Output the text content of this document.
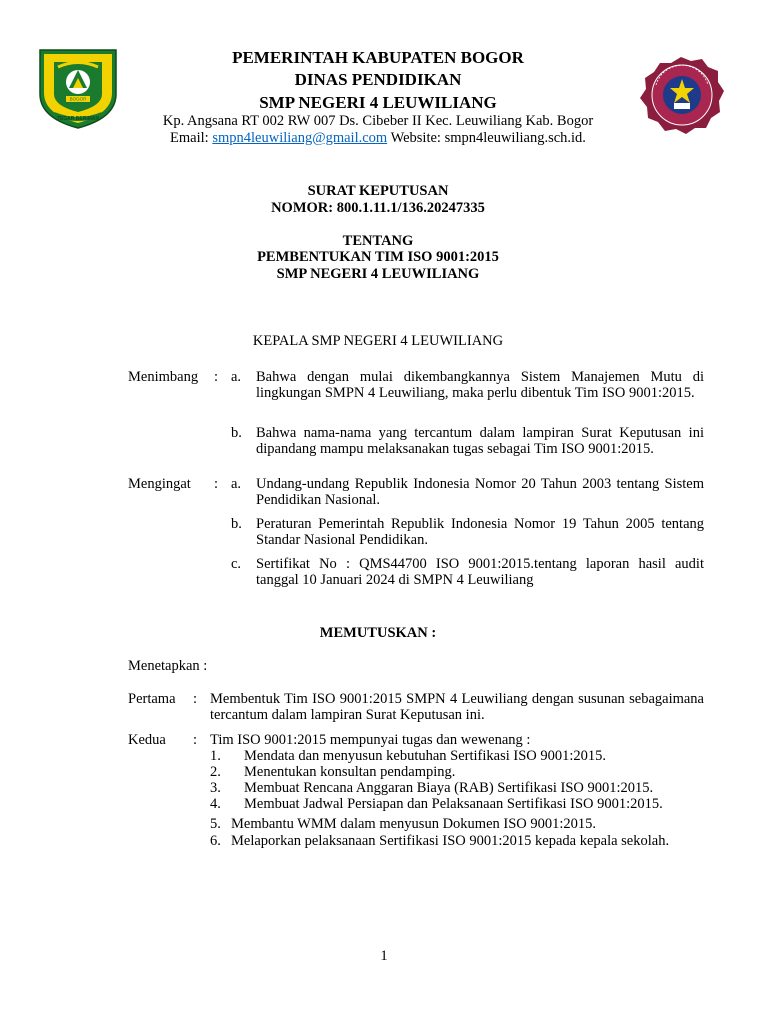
BOGOR
TEGAR BERIMAN
PEMERINTAH KABUPATEN BOGOR
DINAS PENDIDIKAN
SMP NEGERI 4 LEUWILIANG
Kp. Angsana RT 002 RW 007 Ds. Cibeber II Kec. Leuwiliang Kab. Bogor
Email: smpn4leuwiliang@gmail.com Website: smpn4leuwiliang.sch.id.
SURAT KEPUTUSAN
NOMOR: 800.1.11.1/136.20247335
TENTANG
PEMBENTUKAN TIM ISO 9001:2015
SMP NEGERI 4 LEUWILIANG
KEPALA SMP NEGERI 4 LEUWILIANG
Menimbang : a. Bahwa dengan mulai dikembangkannya Sistem Manajemen Mutu di lingkungan SMPN 4 Leuwiliang, maka perlu dibentuk Tim ISO 9001:2015.
b. Bahwa nama-nama yang tercantum dalam lampiran Surat Keputusan ini dipandang mampu melaksanakan tugas sebagai Tim ISO 9001:2015.
Mengingat : a. Undang-undang Republik Indonesia Nomor 20 Tahun 2003 tentang Sistem Pendidikan Nasional.
b. Peraturan Pemerintah Republik Indonesia Nomor 19 Tahun 2005 tentang Standar Nasional Pendidikan.
c. Sertifikat No : QMS44700 ISO 9001:2015.tentang laporan hasil audit tanggal 10 Januari 2024 di SMPN 4 Leuwiliang
MEMUTUSKAN :
Menetapkan :
Pertama : Membentuk Tim ISO 9001:2015 SMPN 4 Leuwiliang dengan susunan sebagaimana tercantum dalam lampiran Surat Keputusan ini.
Kedua : Tim ISO 9001:2015 mempunyai tugas dan wewenang :
1. Mendata dan menyusun kebutuhan Sertifikasi ISO 9001:2015.
2. Menentukan konsultan pendamping.
3. Membuat Rencana Anggaran Biaya (RAB) Sertifikasi ISO 9001:2015.
4. Membuat Jadwal Persiapan dan Pelaksanaan Sertifikasi ISO 9001:2015.
5. Membantu WMM dalam menyusun Dokumen ISO 9001:2015.
6. Melaporkan pelaksanaan Sertifikasi ISO 9001:2015 kepada kepala sekolah.
1
